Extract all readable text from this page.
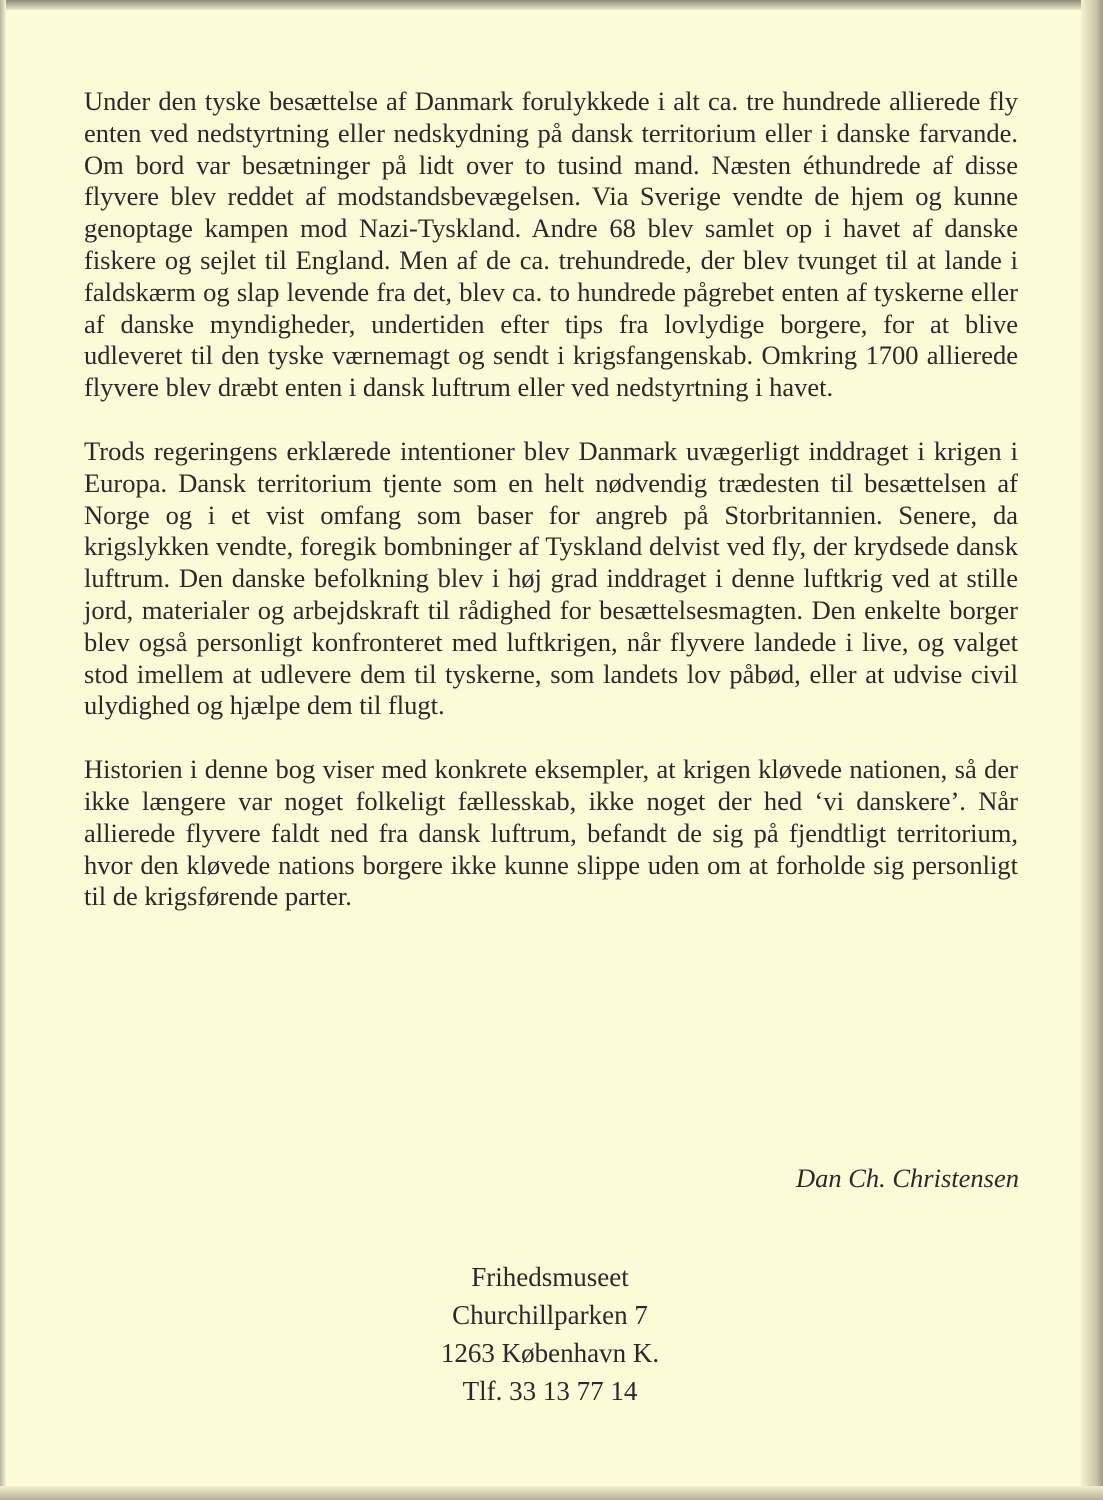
Under den tyske besættelse af Danmark forulykkede i alt ca. tre hundrede allierede fly enten ved nedstyrtning eller nedskydning på dansk territorium eller i danske farvande. Om bord var besætninger på lidt over to tusind mand. Næsten éthundrede af disse flyvere blev reddet af modstandsbevægelsen. Via Sverige vendte de hjem og kunne genoptage kampen mod Nazi-Tyskland. Andre 68 blev samlet op i havet af danske fiskere og sejlet til England. Men af de ca. trehundrede, der blev tvunget til at lande i faldskærm og slap levende fra det, blev ca. to hundrede pågrebet enten af tyskerne eller af danske myndigheder, undertiden efter tips fra lovlydige borgere, for at blive udleveret til den tyske værnemagt og sendt i krigsfangenskab. Omkring 1700 allierede flyvere blev dræbt enten i dansk luftrum eller ved nedstyrtning i havet.

Trods regeringens erklærede intentioner blev Danmark uvægerligt inddraget i krigen i Europa. Dansk territorium tjente som en helt nødvendig trædesten til besættelsen af Norge og i et vist omfang som baser for angreb på Storbritannien. Senere, da krigslykken vendte, foregik bombninger af Tyskland delvist ved fly, der krydsede dansk luftrum. Den danske befolkning blev i høj grad inddraget i denne luftkrig ved at stille jord, materialer og arbejdskraft til rådighed for besættelsesmagten. Den enkelte borger blev også personligt konfronteret med luftkrigen, når flyvere landede i live, og valget stod imellem at udlevere dem til tyskerne, som landets lov påbød, eller at udvise civil ulydighed og hjælpe dem til flugt.

Historien i denne bog viser med konkrete eksempler, at krigen kløvede nationen, så der ikke længere var noget folkeligt fællesskab, ikke noget der hed ‘vi danskere’. Når allierede flyvere faldt ned fra dansk luftrum, befandt de sig på fjendtligt territorium, hvor den kløvede nations borgere ikke kunne slippe uden om at forholde sig personligt til de krigsførende parter.

Dan Ch. Christensen
Frihedsmuseet
Churchillparken 7
1263 København K.
Tlf. 33 13 77 14
